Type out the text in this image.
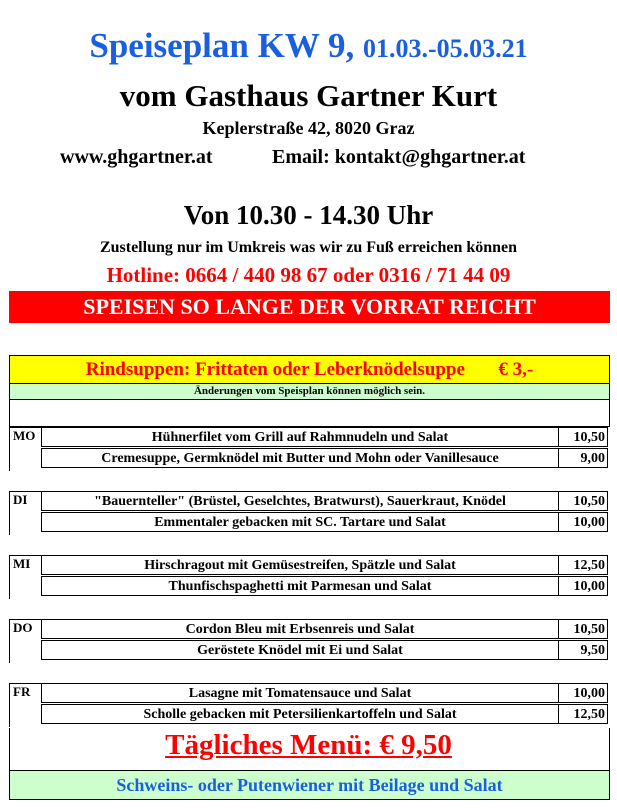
Speiseplan KW 9, 01.03.-05.03.21
vom Gasthaus Gartner Kurt
Keplerstraße 42, 8020 Graz
www.ghgartner.at	Email: kontakt@ghgartner.at
Von 10.30 - 14.30 Uhr
Zustellung nur im Umkreis was wir zu Fuß erreichen können
Hotline: 0664 / 440 98 67 oder 0316 / 71 44 09
SPEISEN SO LANGE DER VORRAT REICHT
Rindsuppen: Frittaten oder Leberknödelsuppe € 3,-
Änderungen vom Speisplan können möglich sein.
MO	Hühnerfilet vom Grill auf Rahmnudeln und Salat	10,50
Cremesuppe, Germknödel mit Butter und Mohn oder Vanillesauce	9,00
DI	"Bauernteller" (Brüstel, Geselchtes, Bratwurst), Sauerkraut, Knödel	10,50
Emmentaler gebacken mit SC. Tartare und Salat	10,00
MI	Hirschragout mit Gemüsestreifen, Spätzle und Salat	12,50
Thunfischspaghetti mit Parmesan und Salat	10,00
DO	Cordon Bleu mit Erbsenreis und Salat	10,50
Geröstete Knödel mit Ei und Salat	9,50
FR	Lasagne mit Tomatensauce und Salat	10,00
Scholle gebacken mit Petersilienkartoffeln und Salat	12,50
Tägliches Menü: € 9,50
Schweins- oder Putenwiener mit Beilage und Salat
